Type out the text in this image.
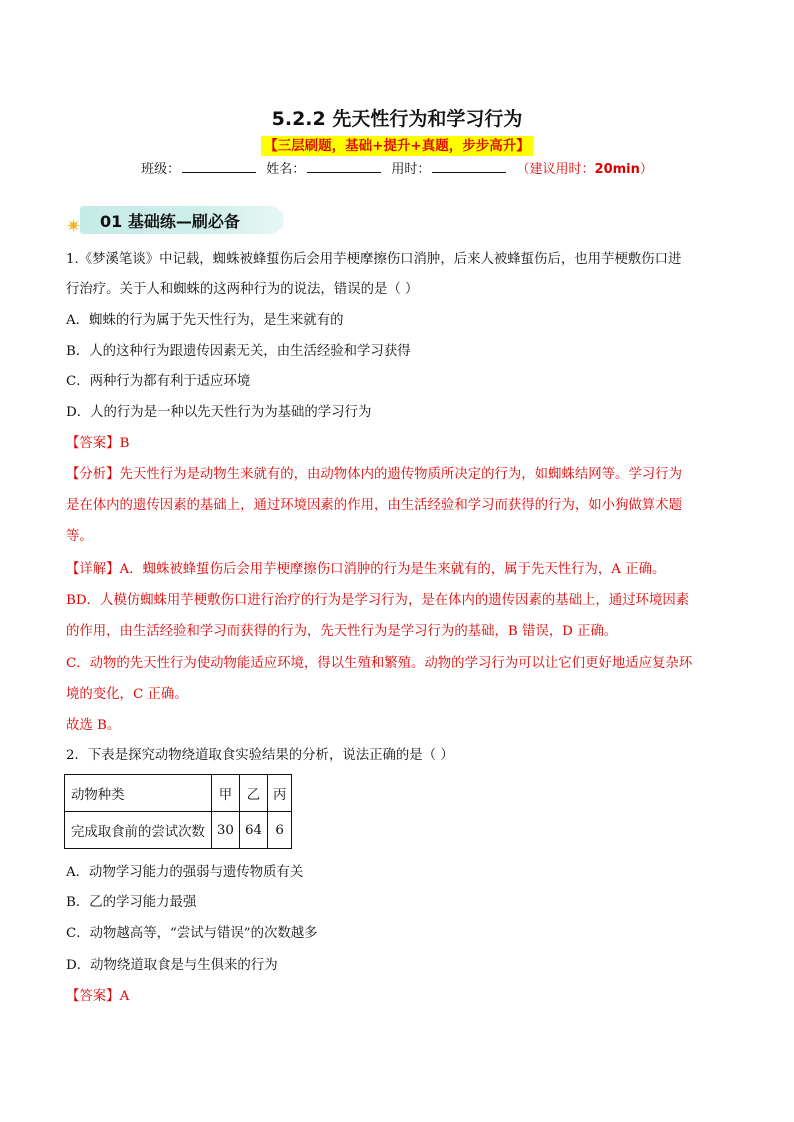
5.2.2 先天性行为和学习行为
【三层刷题，基础+提升+真题，步步高升】
班级：	姓名：	用时：	（建议用时：20min）
✷ 01 基础练—刷必备
1.《梦溪笔谈》中记载，蜘蛛被蜂蜇伤后会用芋梗摩擦伤口消肿，后来人被蜂蜇伤后，也用芋梗敷伤口进
行治疗。关于人和蜘蛛的这两种行为的说法，错误的是（ ）
A．蜘蛛的行为属于先天性行为，是生来就有的
B．人的这种行为跟遗传因素无关，由生活经验和学习获得
C．两种行为都有利于适应环境
D．人的行为是一种以先天性行为为基础的学习行为
【答案】B
【分析】先天性行为是动物生来就有的，由动物体内的遗传物质所决定的行为，如蜘蛛结网等。学习行为
是在体内的遗传因素的基础上，通过环境因素的作用，由生活经验和学习而获得的行为，如小狗做算术题
等。
【详解】A．蜘蛛被蜂蜇伤后会用芋梗摩擦伤口消肿的行为是生来就有的，属于先天性行为，A 正确。
BD．人模仿蜘蛛用芋梗敷伤口进行治疗的行为是学习行为，是在体内的遗传因素的基础上，通过环境因素
的作用，由生活经验和学习而获得的行为，先天性行为是学习行为的基础，B 错误，D 正确。
C．动物的先天性行为使动物能适应环境，得以生殖和繁殖。动物的学习行为可以让它们更好地适应复杂环
境的变化，C 正确。
故选 B。
2．下表是探究动物绕道取食实验结果的分析，说法正确的是（ ）
动物种类	甲	乙	丙
完成取食前的尝试次数	30	64	6
A．动物学习能力的强弱与遗传物质有关
B．乙的学习能力最强
C．动物越高等，“尝试与错误”的次数越多
D．动物绕道取食是与生俱来的行为
【答案】A
